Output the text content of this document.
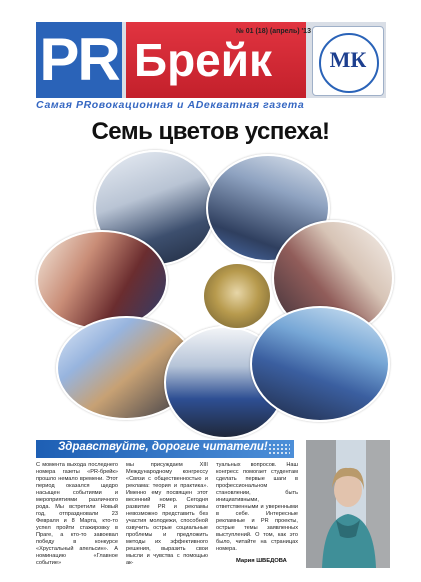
PR Брейк
№ 01 (18) (апрель) '13
МК
Самая PRовокационная и ADекватная газета
Семь цветов успеха!
Здравствуйте, дорогие читатели!

С момента выхода последнего номера газеты «PR-брейк» прошло немало времени. Этот период оказался щедро насыщен событиями и мероприятиями различного рода. Мы встретили Новый год, отпраздновали 23 Февраля и 8 Марта, кто-то успел пройти стажировку в Праге, а кто-то завоевал победу в конкурсе «Хрустальный апельсин». А номинацию «Главное событие»

мы присуждаем XIII Международному конгрессу «Связи с общественностью и реклама: теория и практика». Именно ему посвящен этот весенний номер. Сегодня развитие PR и рекламы невозможно представить без участия молодежи, способной озвучить острые социальные проблемы и предложить методы их эффективного решения, выразить свои мысли и чувства с помощью ак-

туальных вопросов. Наш конгресс помогает студентам сделать первые шаги в профессиональном становлении, быть инициативными, ответственными и уверенными в себе. Интересные рекламные и PR проекты, острые темы заявленных выступлений. О том, как это было, читайте на страницах номера.

Мария ШВЕДОВА
